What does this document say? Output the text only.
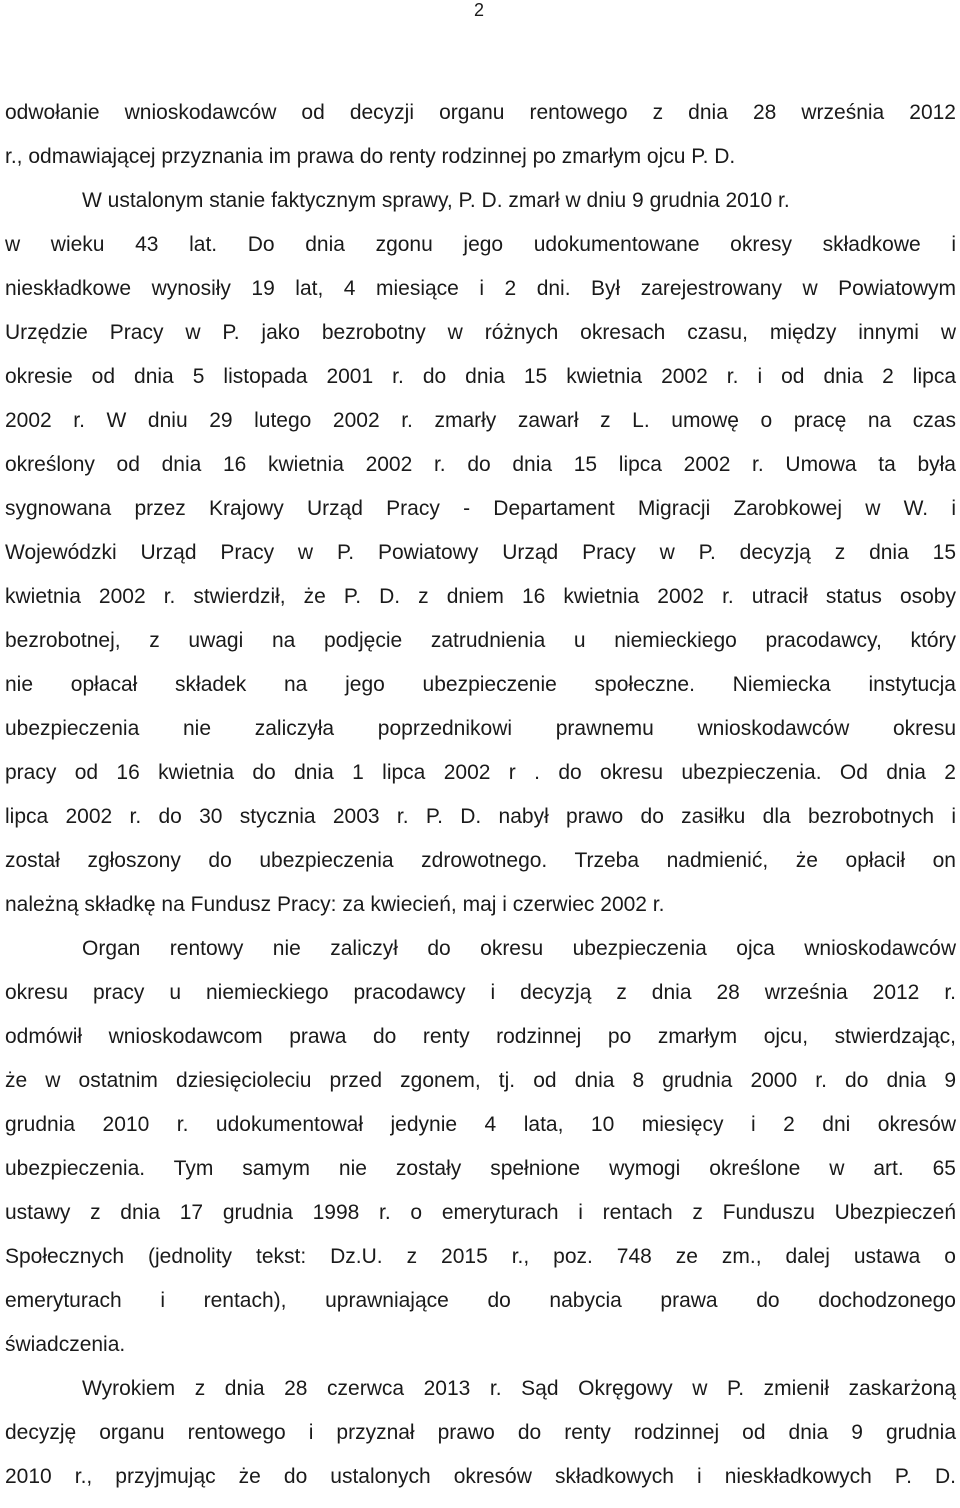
2
odwołanie wnioskodawców od decyzji organu rentowego z dnia 28 września 2012
r., odmawiającej przyznania im prawa do renty rodzinnej po zmarłym ojcu P. D.
W ustalonym stanie faktycznym sprawy, P. D. zmarł w dniu 9 grudnia 2010 r.
w wieku 43 lat. Do dnia zgonu jego udokumentowane okresy składkowe i
nieskładkowe wynosiły 19 lat, 4 miesiące i 2 dni. Był zarejestrowany w Powiatowym
Urzędzie Pracy w P. jako bezrobotny w różnych okresach czasu, między innymi w
okresie od dnia 5 listopada 2001 r. do dnia 15 kwietnia 2002 r. i od dnia 2 lipca
2002 r. W dniu 29 lutego 2002 r. zmarły zawarł z L. umowę o pracę na czas
określony od dnia 16 kwietnia 2002 r. do dnia 15 lipca 2002 r. Umowa ta była
sygnowana przez Krajowy Urząd Pracy - Departament Migracji Zarobkowej w W. i
Wojewódzki Urząd Pracy w P. Powiatowy Urząd Pracy w P. decyzją z dnia 15
kwietnia 2002 r. stwierdził, że P. D. z dniem 16 kwietnia 2002 r. utracił status osoby
bezrobotnej, z uwagi na podjęcie zatrudnienia u niemieckiego pracodawcy, który
nie opłacał składek na jego ubezpieczenie społeczne. Niemiecka instytucja
ubezpieczenia nie zaliczyła poprzednikowi prawnemu wnioskodawców okresu
pracy od 16 kwietnia do dnia 1 lipca 2002 r . do okresu ubezpieczenia. Od dnia 2
lipca 2002 r. do 30 stycznia 2003 r. P. D. nabył prawo do zasiłku dla bezrobotnych i
został zgłoszony do ubezpieczenia zdrowotnego. Trzeba nadmienić, że opłacił on
należną składkę na Fundusz Pracy: za kwiecień, maj i czerwiec 2002 r.
Organ rentowy nie zaliczył do okresu ubezpieczenia ojca wnioskodawców
okresu pracy u niemieckiego pracodawcy i decyzją z dnia 28 września 2012 r.
odmówił wnioskodawcom prawa do renty rodzinnej po zmarłym ojcu, stwierdzając,
że w ostatnim dziesięcioleciu przed zgonem, tj. od dnia 8 grudnia 2000 r. do dnia 9
grudnia 2010 r. udokumentował jedynie 4 lata, 10 miesięcy i 2 dni okresów
ubezpieczenia. Tym samym nie zostały spełnione wymogi określone w art. 65
ustawy z dnia 17 grudnia 1998 r. o emeryturach i rentach z Funduszu Ubezpieczeń
Społecznych (jednolity tekst: Dz.U. z 2015 r., poz. 748 ze zm., dalej ustawa o
emeryturach i rentach), uprawniające do nabycia prawa do dochodzonego
świadczenia.
Wyrokiem z dnia 28 czerwca 2013 r. Sąd Okręgowy w P. zmienił zaskarżoną
decyzję organu rentowego i przyznał prawo do renty rodzinnej od dnia 9 grudnia
2010 r., przyjmując że do ustalonych okresów składkowych i nieskładkowych P. D.
